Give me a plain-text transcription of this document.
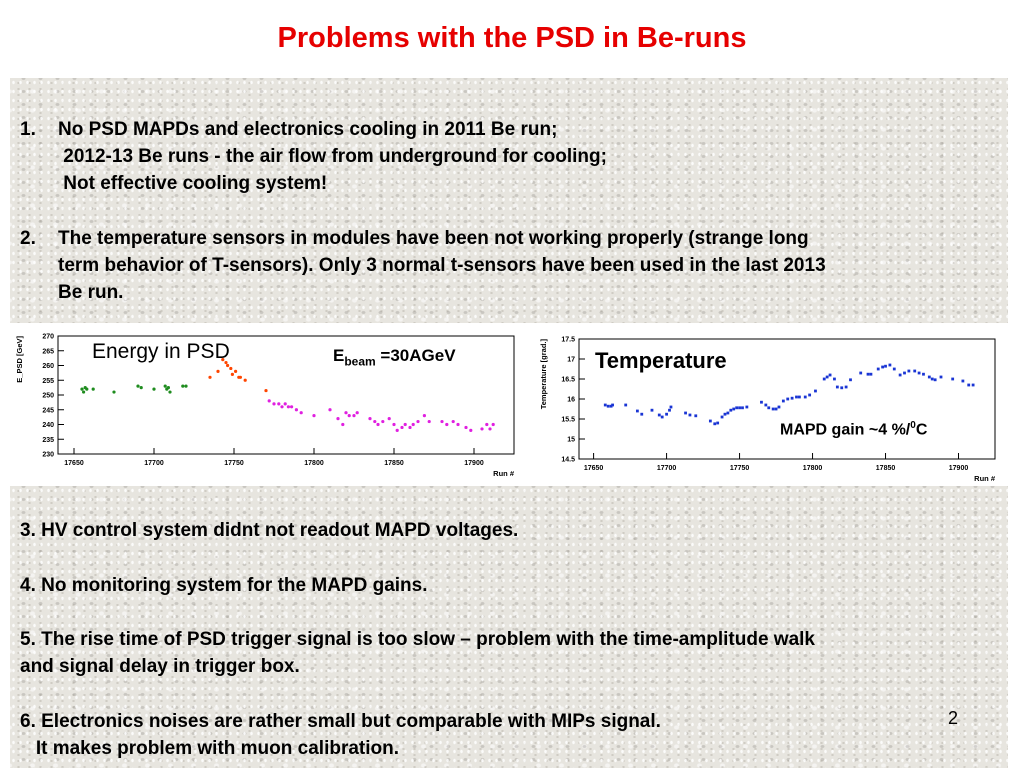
Problems with the PSD in Be-runs
1. No PSD MAPDs and electronics cooling in 2011 Be run;
2012-13 Be runs - the air flow from underground for cooling;
Not effective cooling system!
2. The temperature sensors in modules have been not working properly (strange long
term behavior of T-sensors). Only 3 normal t-sensors have been used in the last 2013
Be run.
17650	17700	17750	17800	17850	17900
230
235
240
245
250
255
260
265
270
Run #
E_PSD [GeV]
17650	17700	17750	17800	17850	17900
14.5
15
15.5
16
16.5
17
17.5
Run #
Temperature [grad.]
Energy in PSD	$E_{beam}$ =30AGeV	Temperature
MAPD gain ~4 %/$^0$C
3. HV control system didnt not readout MAPD voltages.
4. No monitoring system for the MAPD gains.
5. The rise time of PSD trigger signal is too slow – problem with the time-amplitude walk
and signal delay in trigger box.
6. Electronics noises are rather small but comparable with MIPs signal.
It makes problem with muon calibration.
2
